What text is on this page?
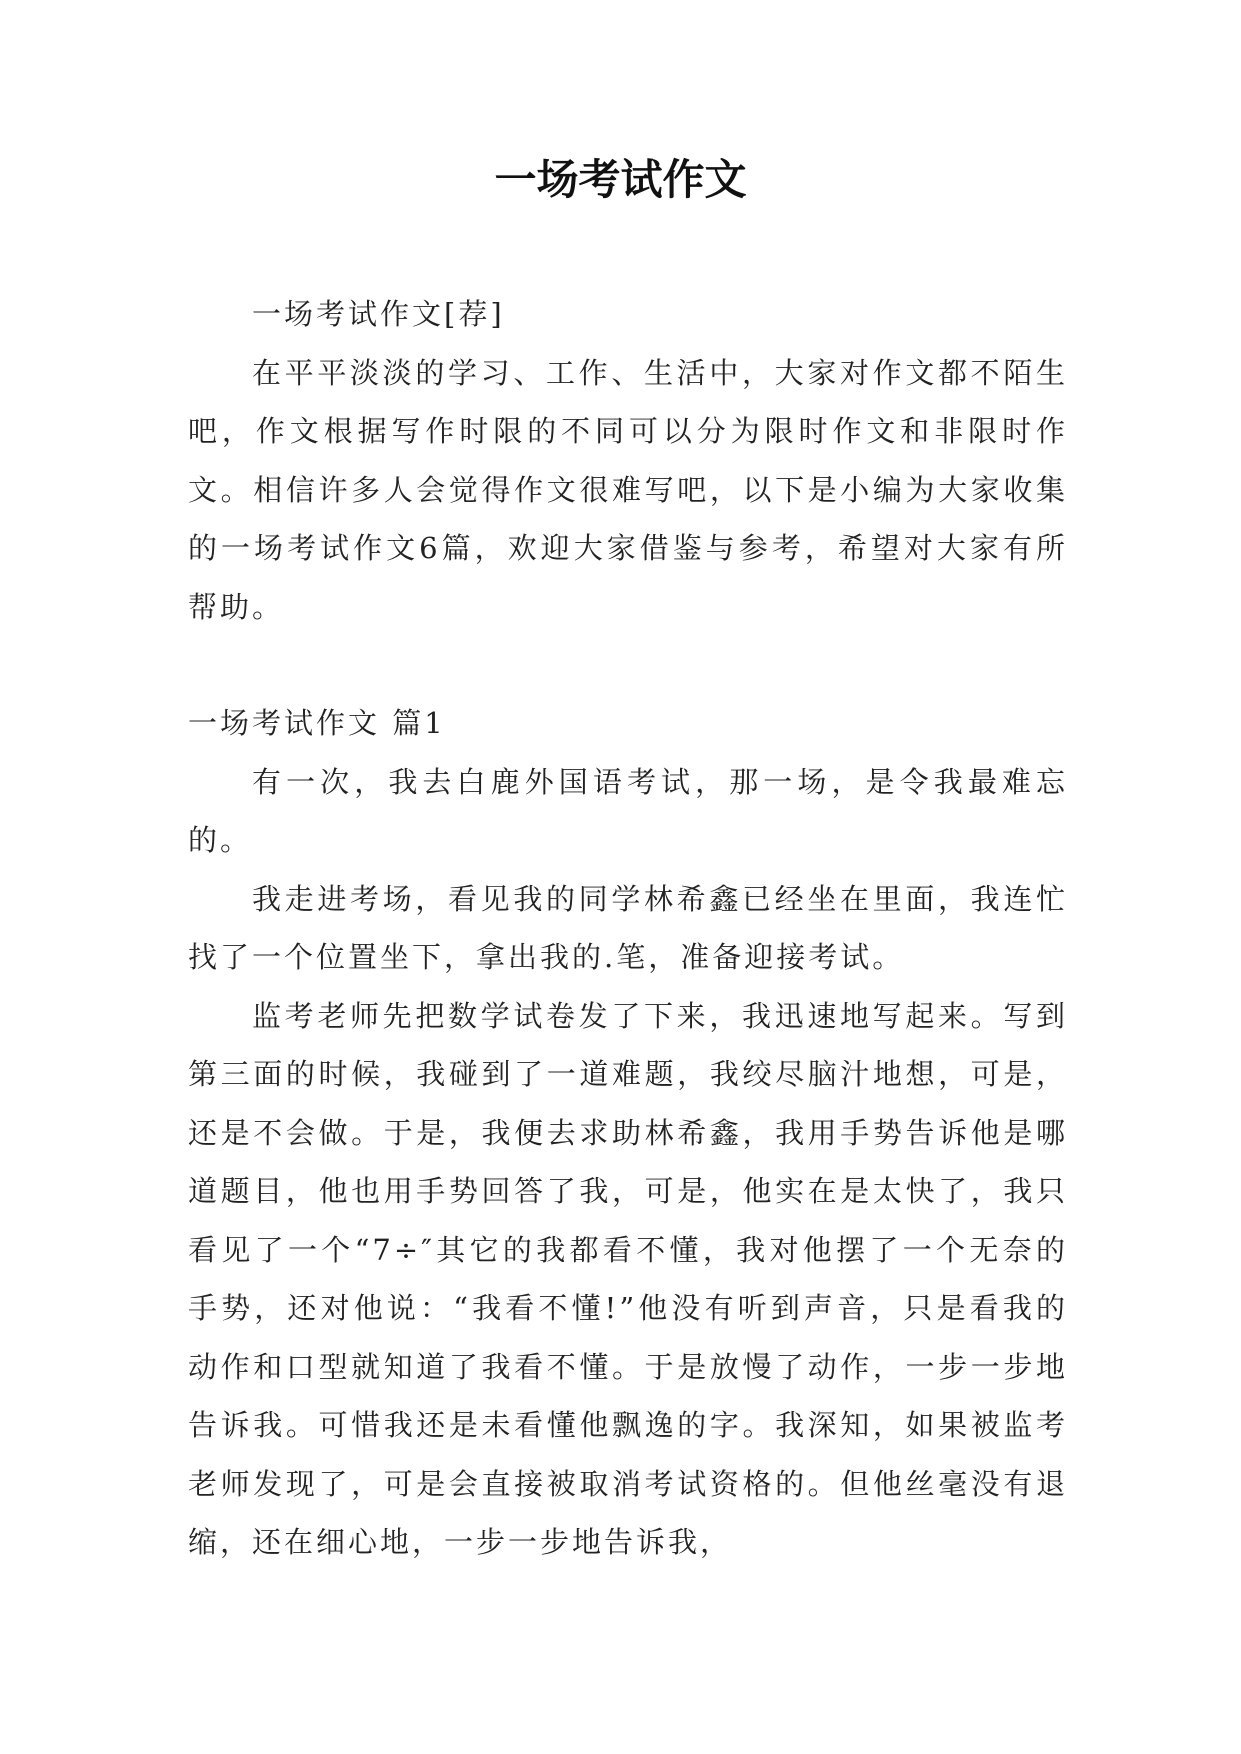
一场考试作文

一场考试作文[荐]

在平平淡淡的学习、工作、生活中，大家对作文都不陌生吧，作文根据写作时限的不同可以分为限时作文和非限时作文。相信许多人会觉得作文很难写吧，以下是小编为大家收集的一场考试作文6篇，欢迎大家借鉴与参考，希望对大家有所帮助。

一场考试作文 篇1

有一次，我去白鹿外国语考试，那一场，是令我最难忘的。

我走进考场，看见我的同学林希鑫已经坐在里面，我连忙找了一个位置坐下，拿出我的.笔，准备迎接考试。

监考老师先把数学试卷发了下来，我迅速地写起来。写到第三面的时候，我碰到了一道难题，我绞尽脑汁地想，可是，还是不会做。于是，我便去求助林希鑫，我用手势告诉他是哪道题目，他也用手势回答了我，可是，他实在是太快了，我只看见了一个“7÷″其它的我都看不懂，我对他摆了一个无奈的手势，还对他说：“我看不懂!”他没有听到声音，只是看我的动作和口型就知道了我看不懂。于是放慢了动作，一步一步地告诉我。可惜我还是未看懂他飘逸的字。我深知，如果被监考老师发现了，可是会直接被取消考试资格的。但他丝毫没有退缩，还在细心地，一步一步地告诉我，
